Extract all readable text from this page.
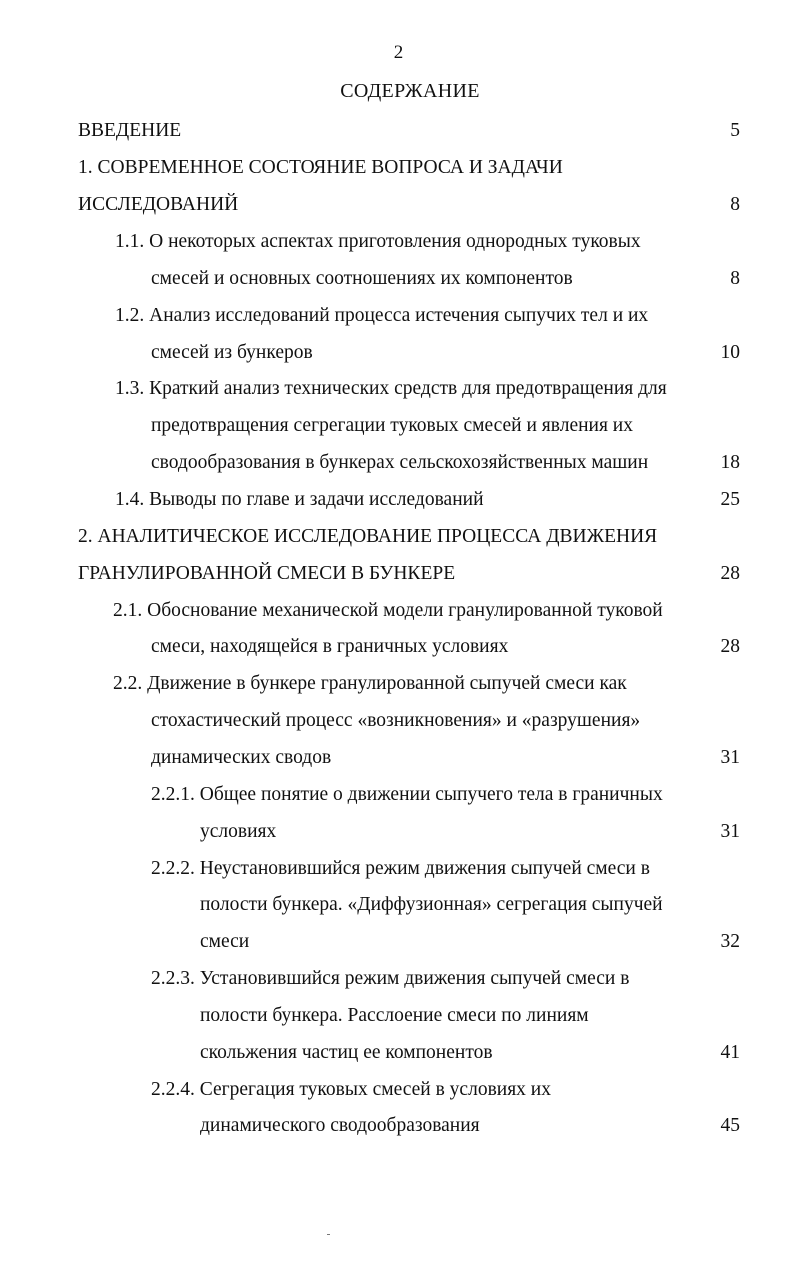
2
СОДЕРЖАНИЕ
ВВЕДЕНИЕ	5
1. СОВРЕМЕННОЕ СОСТОЯНИЕ ВОПРОСА И ЗАДАЧИ
ИССЛЕДОВАНИЙ	8
1.1. О некоторых аспектах приготовления однородных туковых
смесей и основных соотношениях их компонентов	8
1.2. Анализ исследований процесса истечения сыпучих тел и их
смесей из бункеров	10
1.3. Краткий анализ технических средств для предотвращения для
предотвращения сегрегации туковых смесей и явления их
сводообразования в бункерах сельскохозяйственных машин	18
1.4. Выводы по главе и задачи исследований	25
2. АНАЛИТИЧЕСКОЕ ИССЛЕДОВАНИЕ ПРОЦЕССА ДВИЖЕНИЯ
ГРАНУЛИРОВАННОЙ СМЕСИ В БУНКЕРЕ	28
2.1. Обоснование механической модели гранулированной туковой
смеси, находящейся в граничных условиях	28
2.2. Движение в бункере гранулированной сыпучей смеси как
стохастический процесс «возникновения» и «разрушения»
динамических сводов	31
2.2.1. Общее понятие о движении сыпучего тела в граничных
условиях	31
2.2.2. Неустановившийся режим движения сыпучей смеси в
полости бункера. «Диффузионная» сегрегация сыпучей
смеси	32
2.2.3. Установившийся режим движения сыпучей смеси в
полости бункера. Расслоение смеси по линиям
скольжения частиц ее компонентов	41
2.2.4. Сегрегация туковых смесей в условиях их
динамического сводообразования	45
